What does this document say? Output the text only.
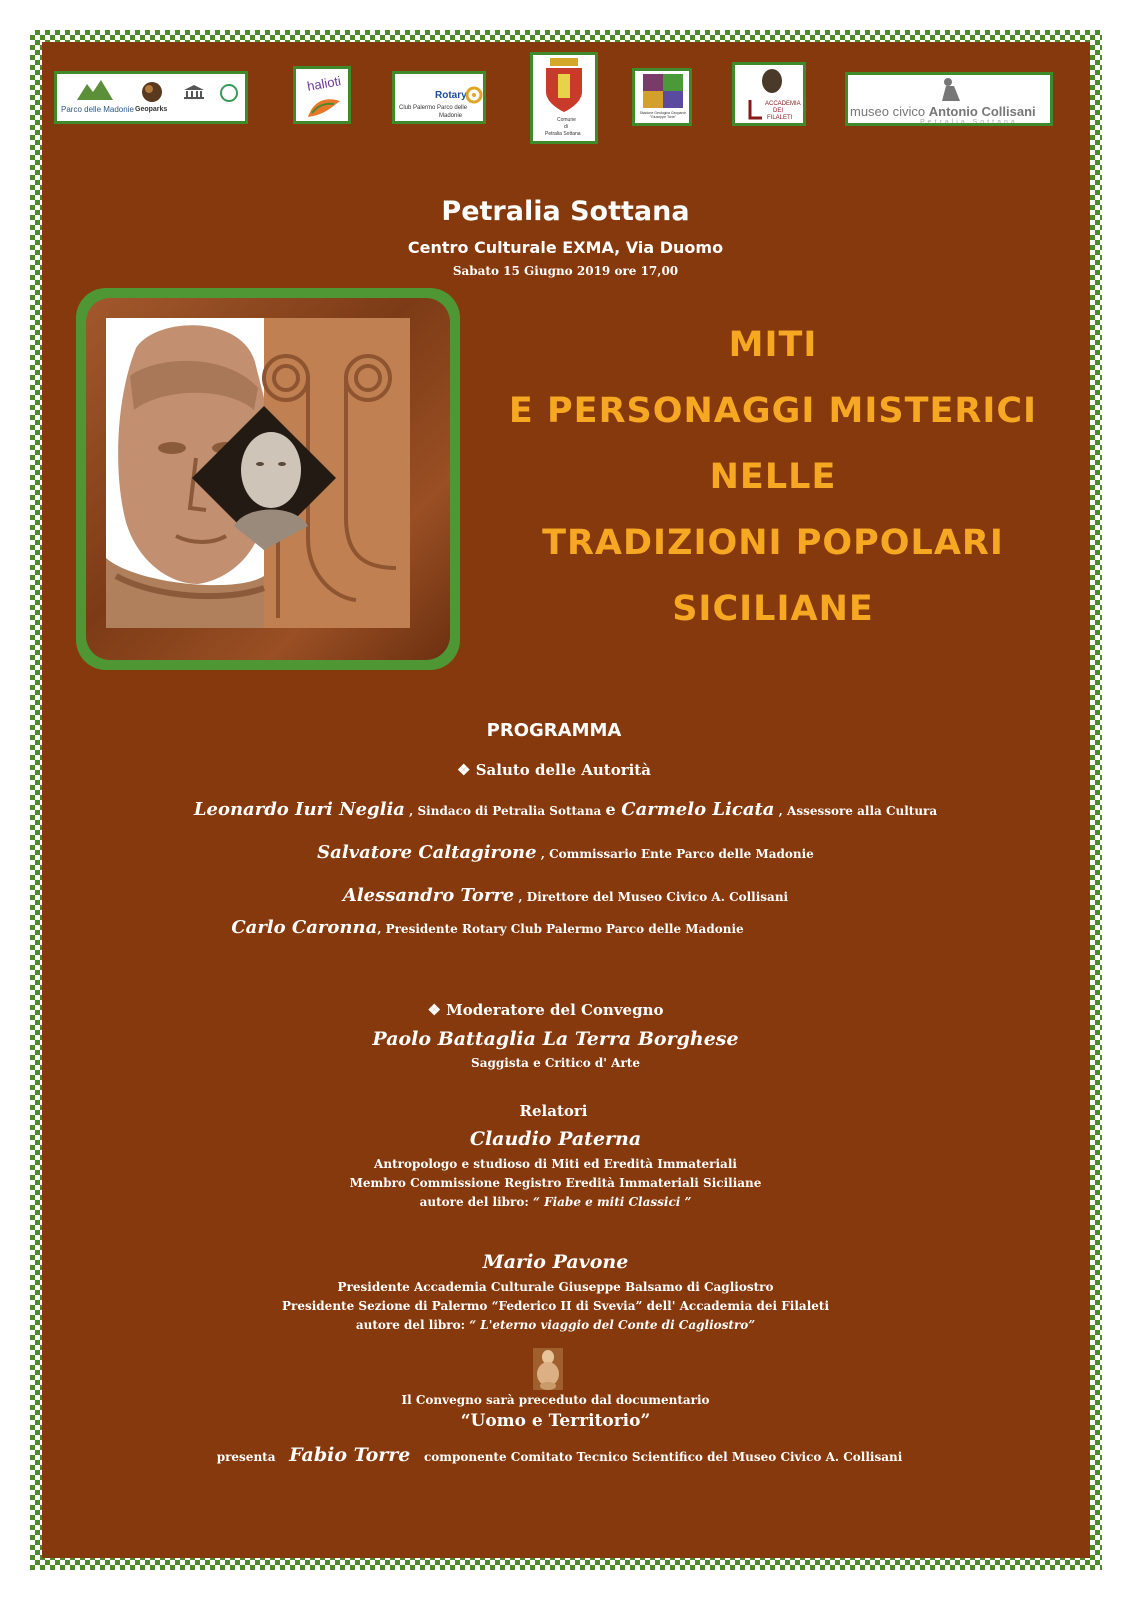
Parco delle Madonie Geoparks
halioti
Rotary
Club Palermo Parco delle
Madonie
Comune
di
Petralia Sottana
Stazione Geologica Geoparch "Giuseppe Torre"
ACCADEMIA
DEI
FILALETI	museo civico Antonio Collisani
Petralia Sottana
Petralia Sottana
Centro Culturale EXMA, Via Duomo
Sabato 15 Giugno 2019 ore 17,00
MITI
E PERSONAGGI MISTERICI
NELLE
TRADIZIONI POPOLARI
SICILIANE
PROGRAMMA
❖ Saluto delle Autorità
Leonardo Iuri Neglia , Sindaco di Petralia Sottana e Carmelo Licata , Assessore alla Cultura
Salvatore Caltagirone , Commissario Ente Parco delle Madonie
Alessandro Torre , Direttore del Museo Civico A. Collisani
Carlo Caronna, Presidente Rotary Club Palermo Parco delle Madonie
❖ Moderatore del Convegno
Paolo Battaglia La Terra Borghese
Saggista e Critico d' Arte
Relatori
Claudio Paterna
Antropologo e studioso di Miti ed Eredità Immateriali
Membro Commissione Registro Eredità Immateriali Siciliane
autore del libro: “ Fiabe e miti Classici ”
Mario Pavone
Presidente Accademia Culturale Giuseppe Balsamo di Cagliostro
Presidente Sezione di Palermo “Federico II di Svevia” dell' Accademia dei Filaleti
autore del libro: “ L'eterno viaggio del Conte di Cagliostro”
Il Convegno sarà preceduto dal documentario
“Uomo e Territorio”
presenta Fabio Torre componente Comitato Tecnico Scientifico del Museo Civico A. Collisani
